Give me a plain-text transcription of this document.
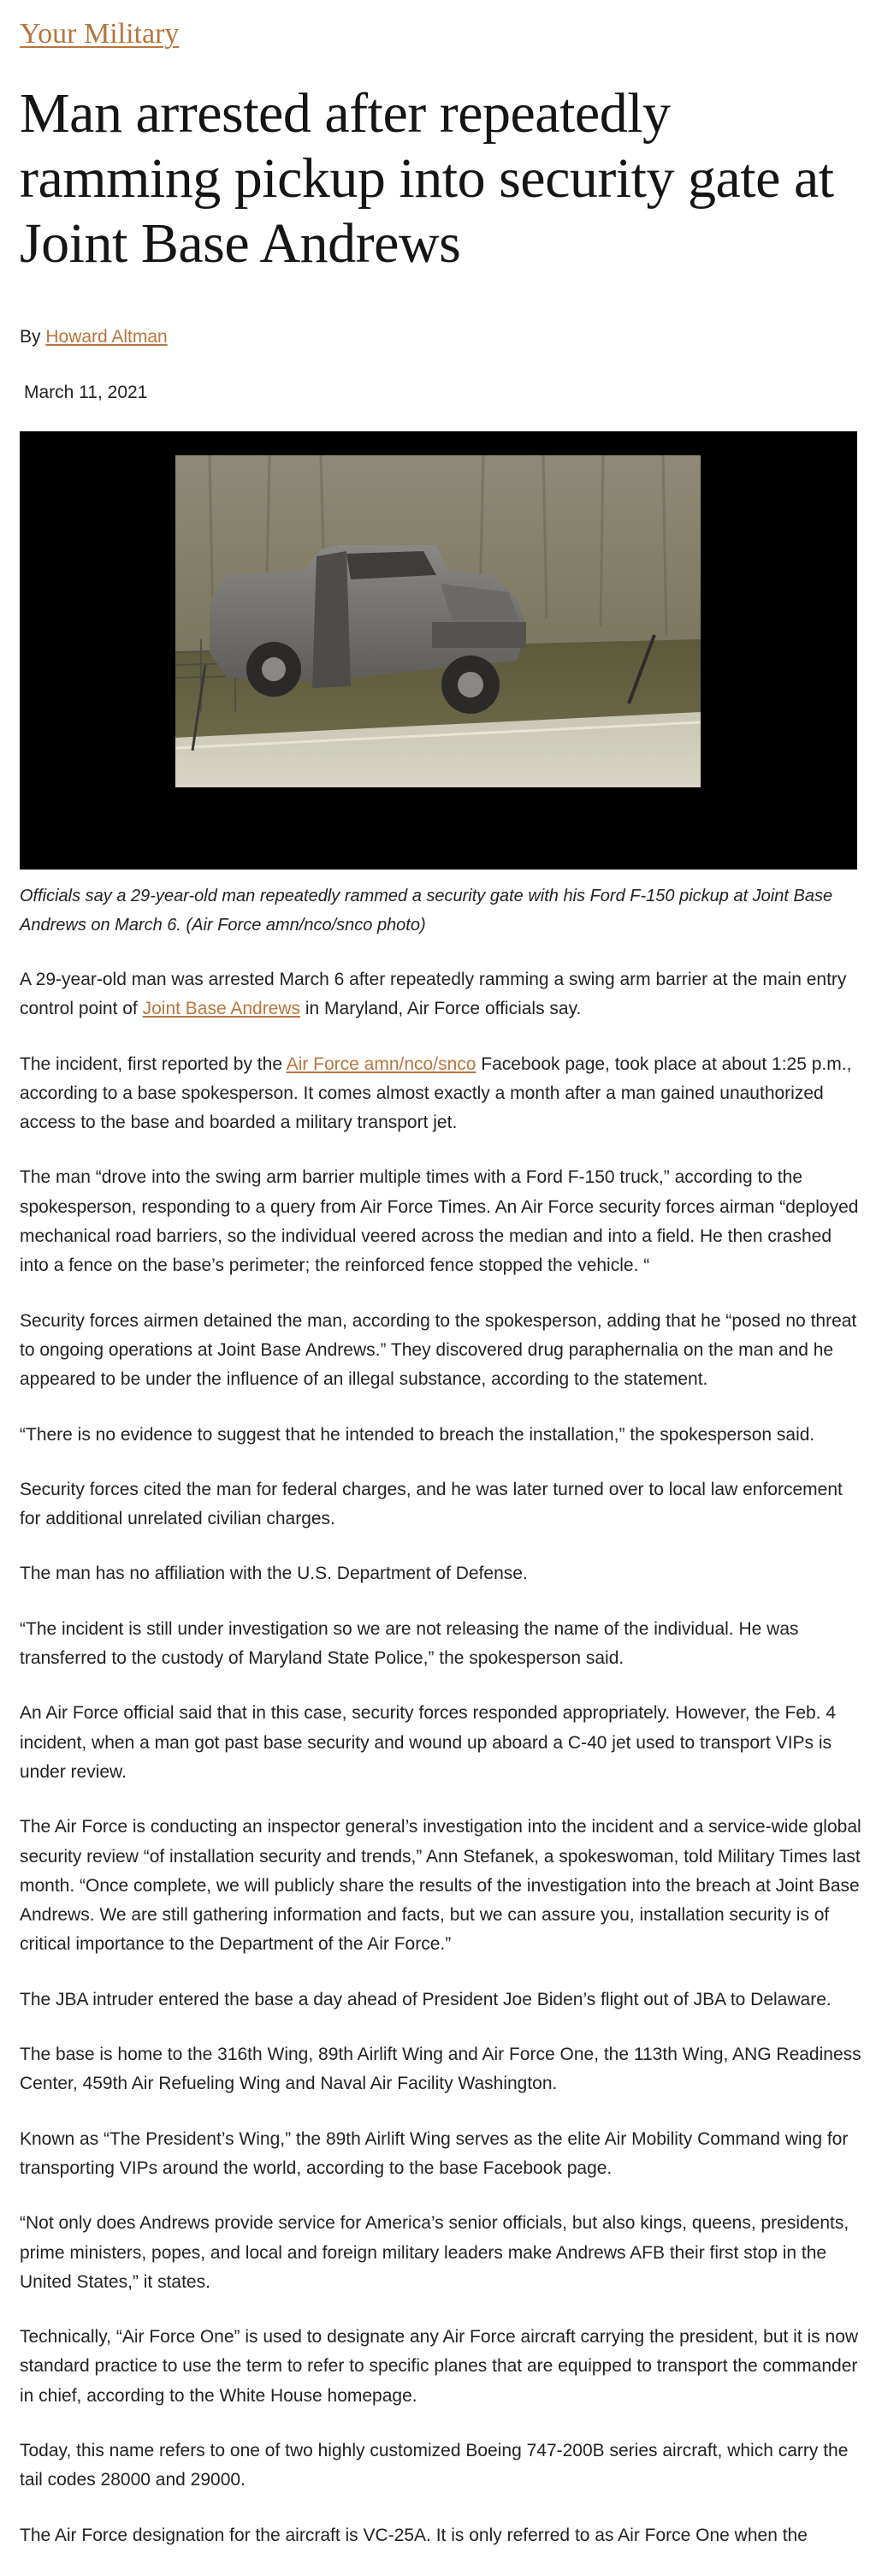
Your Military
Man arrested after repeatedly ramming pickup into security gate at Joint Base Andrews
By Howard Altman
March 11, 2021
Officials say a 29-year-old man repeatedly rammed a security gate with his Ford F-150 pickup at Joint Base Andrews on March 6. (Air Force amn/nco/snco photo)

A 29-year-old man was arrested March 6 after repeatedly ramming a swing arm barrier at the main entry control point of Joint Base Andrews in Maryland, Air Force officials say.

The incident, first reported by the Air Force amn/nco/snco Facebook page, took place at about 1:25 p.m., according to a base spokesperson. It comes almost exactly a month after a man gained unauthorized access to the base and boarded a military transport jet.

The man “drove into the swing arm barrier multiple times with a Ford F-150 truck,” according to the spokesperson, responding to a query from Air Force Times. An Air Force security forces airman “deployed mechanical road barriers, so the individual veered across the median and into a field. He then crashed into a fence on the base’s perimeter; the reinforced fence stopped the vehicle. “

Security forces airmen detained the man, according to the spokesperson, adding that he “posed no threat to ongoing operations at Joint Base Andrews.” They discovered drug paraphernalia on the man and he appeared to be under the influence of an illegal substance, according to the statement.

“There is no evidence to suggest that he intended to breach the installation,” the spokesperson said.

Security forces cited the man for federal charges, and he was later turned over to local law enforcement for additional unrelated civilian charges.

The man has no affiliation with the U.S. Department of Defense.

“The incident is still under investigation so we are not releasing the name of the individual. He was transferred to the custody of Maryland State Police,” the spokesperson said.

An Air Force official said that in this case, security forces responded appropriately. However, the Feb. 4 incident, when a man got past base security and wound up aboard a C-40 jet used to transport VIPs is under review.

The Air Force is conducting an inspector general’s investigation into the incident and a service-wide global security review “of installation security and trends,” Ann Stefanek, a spokeswoman, told Military Times last month. “Once complete, we will publicly share the results of the investigation into the breach at Joint Base Andrews. We are still gathering information and facts, but we can assure you, installation security is of critical importance to the Department of the Air Force.”

The JBA intruder entered the base a day ahead of President Joe Biden’s flight out of JBA to Delaware.

The base is home to the 316th Wing, 89th Airlift Wing and Air Force One, the 113th Wing, ANG Readiness Center, 459th Air Refueling Wing and Naval Air Facility Washington.

Known as “The President’s Wing,” the 89th Airlift Wing serves as the elite Air Mobility Command wing for transporting VIPs around the world, according to the base Facebook page.

“Not only does Andrews provide service for America’s senior officials, but also kings, queens, presidents, prime ministers, popes, and local and foreign military leaders make Andrews AFB their first stop in the United States,” it states.

Technically, “Air Force One” is used to designate any Air Force aircraft carrying the president, but it is now standard practice to use the term to refer to specific planes that are equipped to transport the commander in chief, according to the White House homepage.

Today, this name refers to one of two highly customized Boeing 747-200B series aircraft, which carry the tail codes 28000 and 29000.

The Air Force designation for the aircraft is VC-25A. It is only referred to as Air Force One when the
